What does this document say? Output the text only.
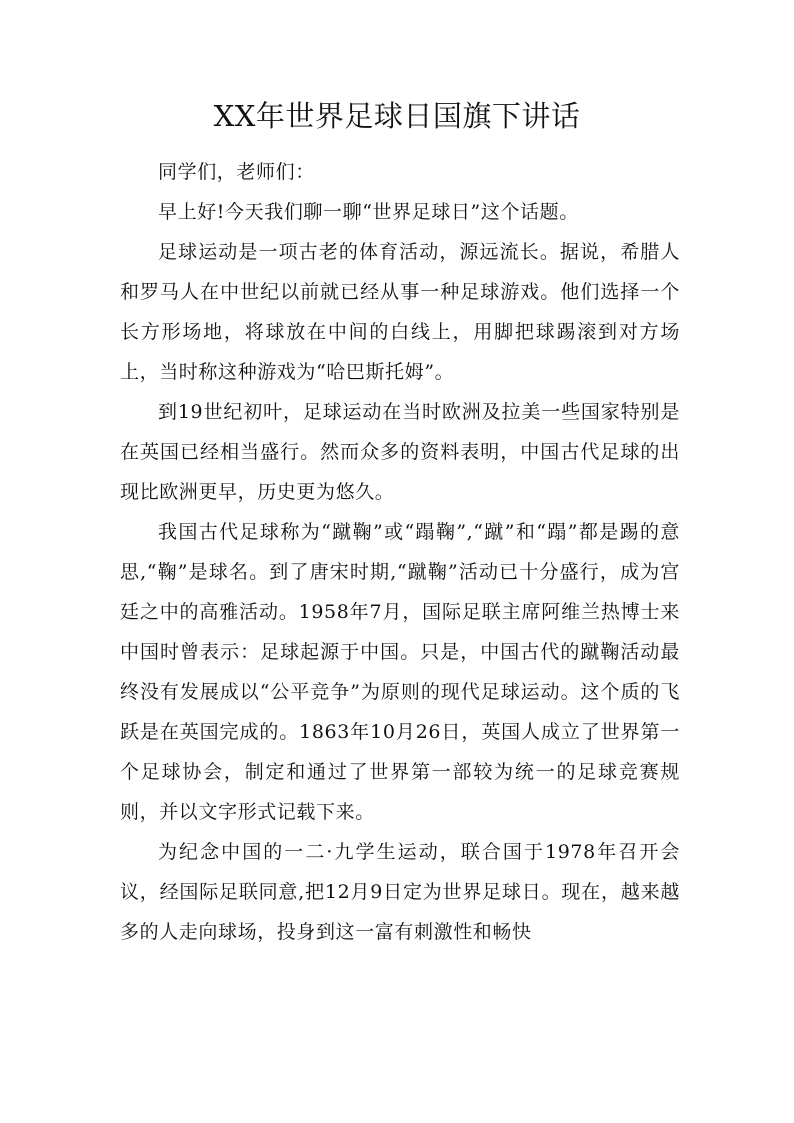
XX年世界足球日国旗下讲话

同学们，老师们：

早上好!今天我们聊一聊“世界足球日”这个话题。

足球运动是一项古老的体育活动，源远流长。据说，希腊人和罗马人在中世纪以前就已经从事一种足球游戏。他们选择一个长方形场地，将球放在中间的白线上，用脚把球踢滚到对方场上，当时称这种游戏为“哈巴斯托姆”。

到19世纪初叶，足球运动在当时欧洲及拉美一些国家特别是在英国已经相当盛行。然而众多的资料表明，中国古代足球的出现比欧洲更早，历史更为悠久。

我国古代足球称为“蹴鞠”或“蹋鞠”,“蹴”和“蹋”都是踢的意思,“鞠”是球名。到了唐宋时期,“蹴鞠”活动已十分盛行，成为宫廷之中的高雅活动。1958年7月，国际足联主席阿维兰热博士来中国时曾表示：足球起源于中国。只是，中国古代的蹴鞠活动最终没有发展成以“公平竞争”为原则的现代足球运动。这个质的飞跃是在英国完成的。1863年10月26日，英国人成立了世界第一个足球协会，制定和通过了世界第一部较为统一的足球竞赛规则，并以文字形式记载下来。

为纪念中国的一二·九学生运动，联合国于1978年召开会议，经国际足联同意,把12月9日定为世界足球日。现在，越来越多的人走向球场，投身到这一富有刺激性和畅快
